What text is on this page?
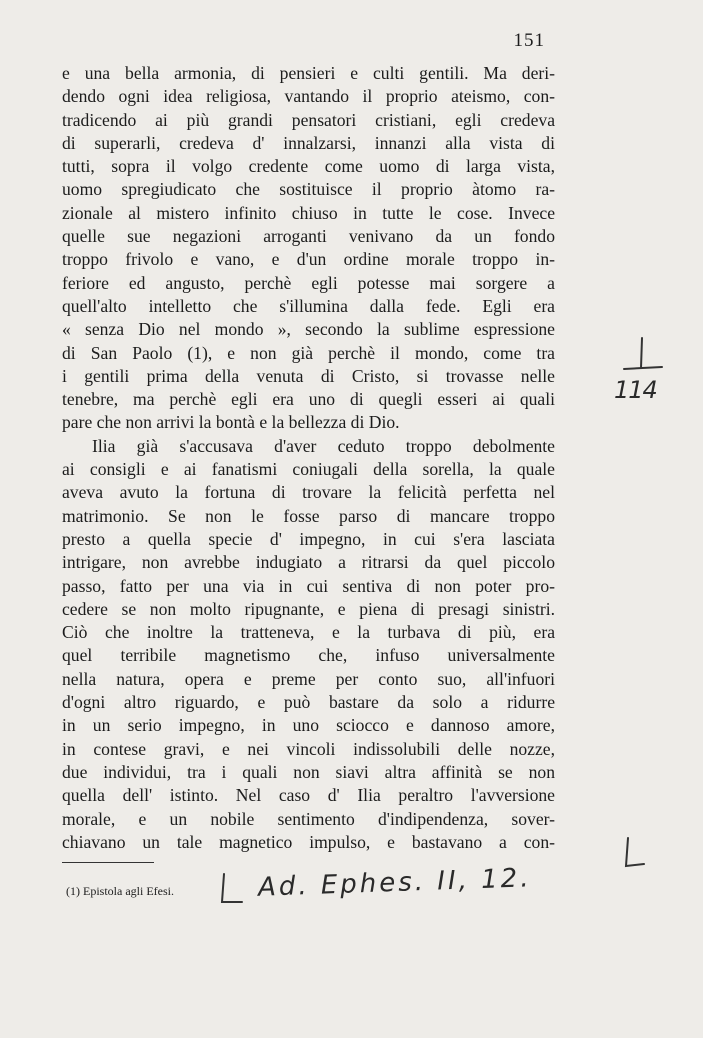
151
e una bella armonia, di pensieri e culti gentili. Ma deri-
dendo ogni idea religiosa, vantando il proprio ateismo, con-
tradicendo ai più grandi pensatori cristiani, egli credeva
di superarli, credeva d' innalzarsi, innanzi alla vista di
tutti, sopra il volgo credente come uomo di larga vista,
uomo spregiudicato che sostituisce il proprio àtomo ra-
zionale al mistero infinito chiuso in tutte le cose. Invece
quelle sue negazioni arroganti venivano da un fondo
troppo frivolo e vano, e d'un ordine morale troppo in-
feriore ed angusto, perchè egli potesse mai sorgere a
quell'alto intelletto che s'illumina dalla fede. Egli era
« senza Dio nel mondo », secondo la sublime espressione
di San Paolo (1), e non già perchè il mondo, come tra
i gentili prima della venuta di Cristo, si trovasse nelle
tenebre, ma perchè egli era uno di quegli esseri ai quali
pare che non arrivi la bontà e la bellezza di Dio.
Ilia già s'accusava d'aver ceduto troppo debolmente
ai consigli e ai fanatismi coniugali della sorella, la quale
aveva avuto la fortuna di trovare la felicità perfetta nel
matrimonio. Se non le fosse parso di mancare troppo
presto a quella specie d' impegno, in cui s'era lasciata
intrigare, non avrebbe indugiato a ritrarsi da quel piccolo
passo, fatto per una via in cui sentiva di non poter pro-
cedere se non molto ripugnante, e piena di presagi sinistri.
Ciò che inoltre la tratteneva, e la turbava di più, era
quel terribile magnetismo che, infuso universalmente
nella natura, opera e preme per conto suo, all'infuori
d'ogni altro riguardo, e può bastare da solo a ridurre
in un serio impegno, in uno sciocco e dannoso amore,
in contese gravi, e nei vincoli indissolubili delle nozze,
due individui, tra i quali non siavi altra affinità se non
quella dell' istinto. Nel caso d' Ilia peraltro l'avversione
morale, e un nobile sentimento d'indipendenza, sover-
chiavano un tale magnetico impulso, e bastavano a con-
(1) Epistola agli Efesi.	Ad. Ephes. II, 12.
114
